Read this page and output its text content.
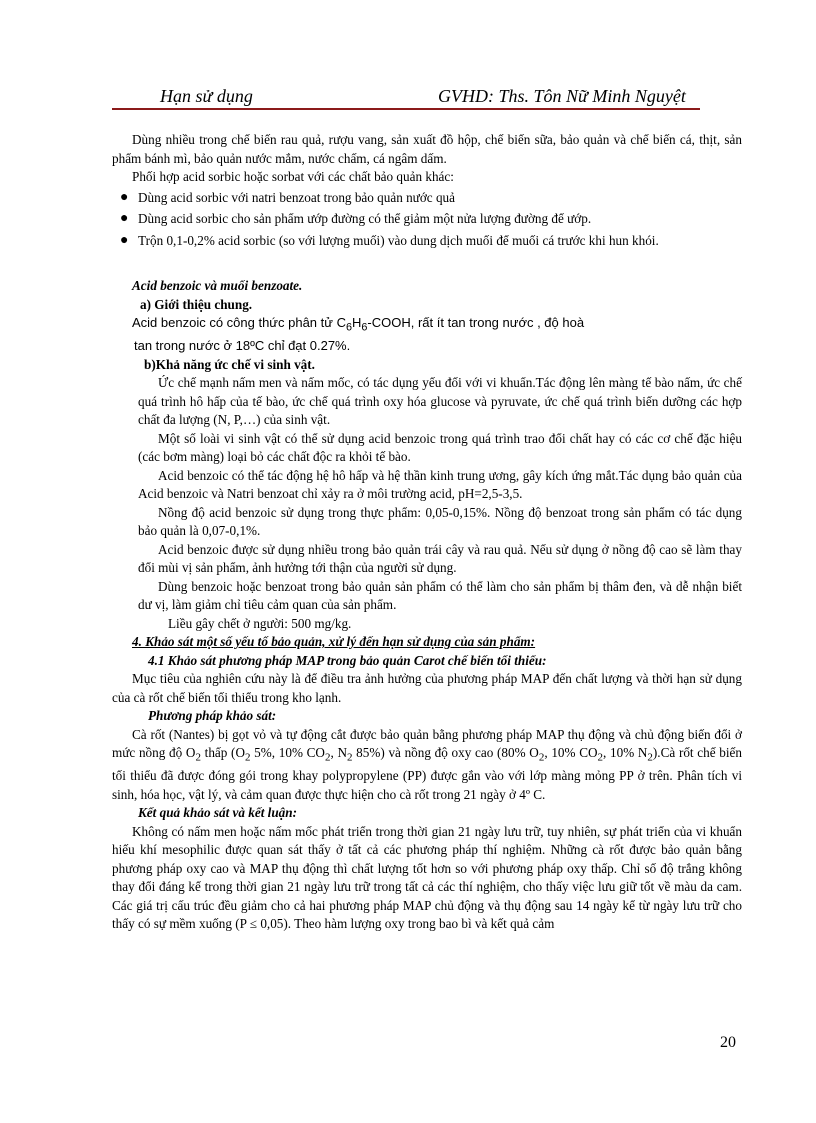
Hạn sử dụng	GVHD: Ths. Tôn Nữ Minh Nguyệt

Dùng nhiều trong chế biến rau quả, rượu vang, sản xuất đồ hộp, chế biến sữa, bảo quản và chế biến cá, thịt, sản phẩm bánh mì, bảo quản nước mắm, nước chấm, cá ngâm dấm.

Phối hợp acid sorbic hoặc sorbat với các chất bảo quản khác:

● Dùng acid sorbic với natri benzoat trong bảo quản nước quả
● Dùng acid sorbic cho sản phẩm ướp đường có thể giảm một nửa lượng đường để ướp.
● Trộn 0,1-0,2% acid sorbic (so với lượng muối) vào dung dịch muối để muối cá trước khi hun khói.

Acid benzoic và muối benzoate.

a) Giới thiệu chung.

Acid benzoic có công thức phân tử $C_6H_6$-COOH, rất ít tan trong nước , độ hoà

tan trong nước ở 18ºC chỉ đạt 0.27%.

b)Khả năng ức chế vi sinh vật.

Ức chế mạnh nấm men và nấm mốc, có tác dụng yếu đối với vi khuẩn.Tác động lên màng tế bào nấm, ức chế quá trình hô hấp của tế bào, ức chế quá trình oxy hóa glucose và pyruvate, ức chế quá trình biến dưỡng các hợp chất đa lượng (N, P,…) của sinh vật.

Một số loài vi sinh vật có thể sử dụng acid benzoic trong quá trình trao đổi chất hay có các cơ chế đặc hiệu (các bơm màng) loại bỏ các chất độc ra khỏi tế bào.

Acid benzoic có thể tác động hệ hô hấp và hệ thần kinh trung ương, gây kích ứng mắt.Tác dụng bảo quản của Acid benzoic và Natri benzoat chỉ xảy ra ở môi trường acid, pH=2,5-3,5.

Nồng độ acid benzoic sử dụng trong thực phẩm: 0,05-0,15%. Nồng độ benzoat trong sản phẩm có tác dụng bảo quản là 0,07-0,1%.

Acid benzoic được sử dụng nhiều trong bảo quản trái cây và rau quả. Nếu sử dụng ở nồng độ cao sẽ làm thay đổi mùi vị sản phẩm, ảnh hưởng tới thận của người sử dụng.

Dùng benzoic hoặc benzoat trong bảo quản sản phẩm có thể làm cho sản phẩm bị thâm đen, và dễ nhận biết dư vị, làm giảm chỉ tiêu cảm quan của sản phẩm.

Liều gây chết ở người: 500 mg/kg.

4. Khảo sát một số yếu tố bảo quản, xử lý đến hạn sử dụng của sản phẩm:

4.1 Khảo sát phương pháp MAP trong bảo quản Carot chế biến tối thiểu:

Mục tiêu của nghiên cứu này là để điều tra ảnh hưởng của phương pháp MAP đến chất lượng và thời hạn sử dụng của cà rốt chế biến tối thiểu trong kho lạnh.

Phương pháp khảo sát:

Cà rốt (Nantes) bị gọt vỏ và tự động cắt được bảo quản bằng phương pháp MAP thụ động và chủ động biến đổi ở mức nồng độ $O_2$ thấp ($O_2$ 5%, 10% $CO_2$, $N_2$ 85%) và nồng độ oxy cao (80% $O_2$, 10% $CO_2$, 10% $N_2).Cà$ rốt chế biến tối thiểu đã được đóng gói trong khay polypropylene (PP) được gắn vào với lớp màng mỏng PP ở trên. Phân tích vi sinh, hóa học, vật lý, và cảm quan được thực hiện cho cà rốt trong 21 ngày ở 4º C.

Kết quả khảo sát và kết luận:

Không có nấm men hoặc nấm mốc phát triển trong thời gian 21 ngày lưu trữ, tuy nhiên, sự phát triển của vi khuẩn hiếu khí mesophilic được quan sát thấy ở tất cả các phương pháp thí nghiệm. Những cà rốt được bảo quản bằng phương pháp oxy cao và MAP thụ động thì chất lượng tốt hơn so với phương pháp oxy thấp. Chỉ số độ trắng không thay đổi đáng kể trong thời gian 21 ngày lưu trữ trong tất cả các thí nghiệm, cho thấy việc lưu giữ tốt về màu da cam. Các giá trị cấu trúc đều giảm cho cả hai phương pháp MAP chủ động và thụ động sau 14 ngày kể từ ngày lưu trữ cho thấy có sự mềm xuống (P ≤ 0,05). Theo hàm lượng oxy trong bao bì và kết quả cảm

20
